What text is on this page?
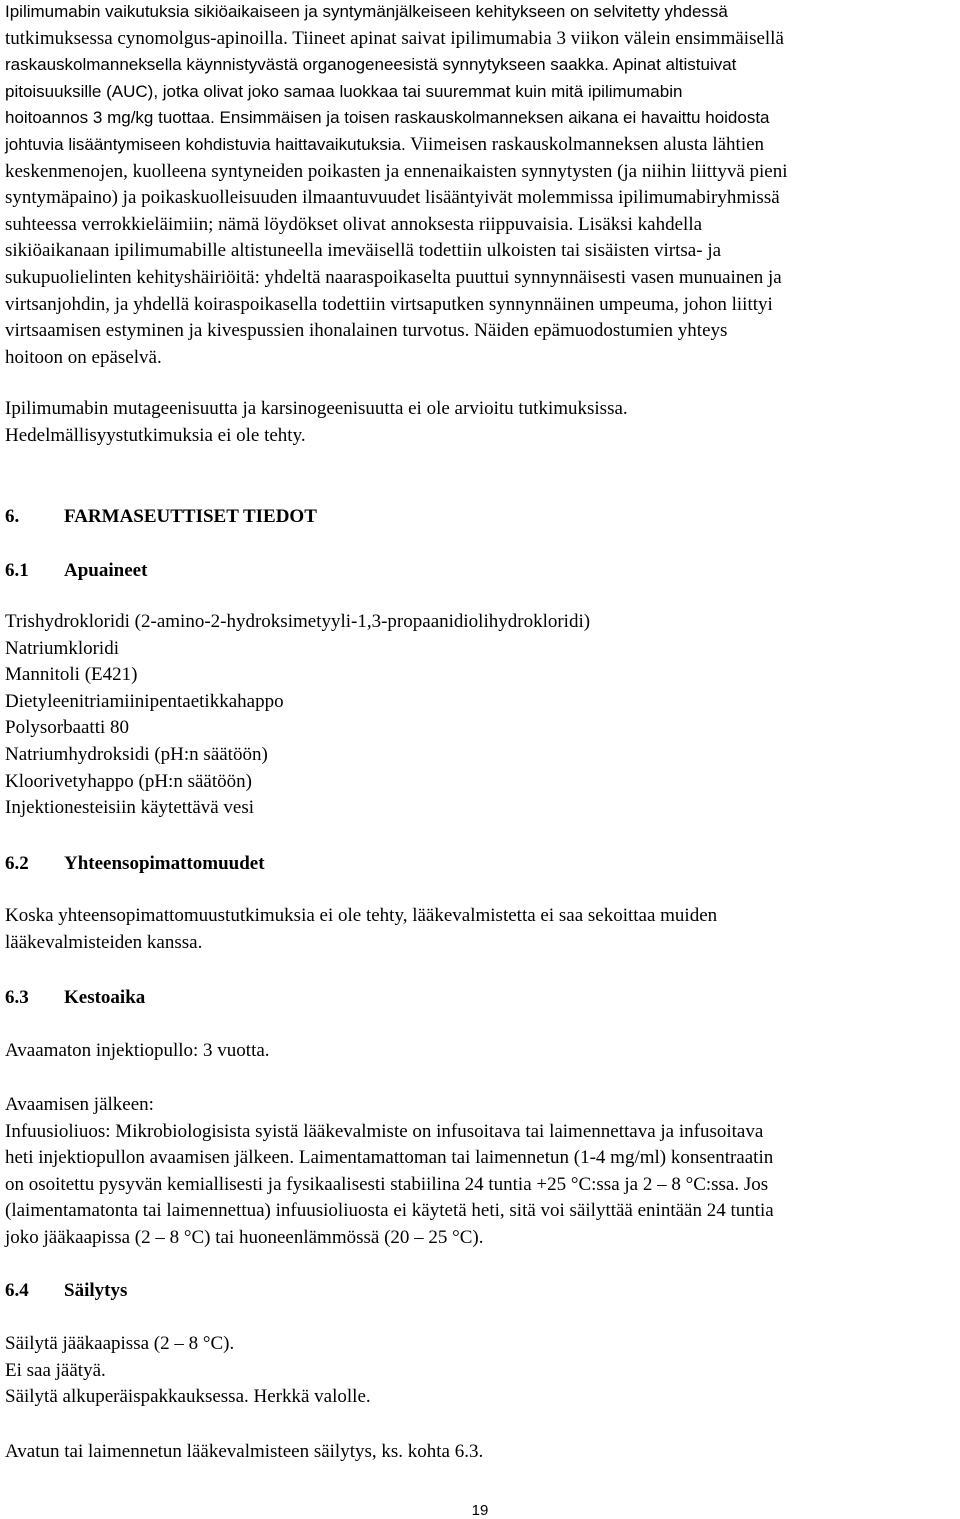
Ipilimumabin vaikutuksia sikiöaikaiseen ja syntymänjälkeiseen kehitykseen on selvitetty yhdessä
tutkimuksessa cynomolgus-apinoilla. Tiineet apinat saivat ipilimumabia 3 viikon välein ensimmäisellä
raskauskolmanneksella käynnistyvästä organogeneesistä synnytykseen saakka. Apinat altistuivat
pitoisuuksille (AUC), jotka olivat joko samaa luokkaa tai suuremmat kuin mitä ipilimumabin
hoitoannos 3 mg/kg tuottaa. Ensimmäisen ja toisen raskauskolmanneksen aikana ei havaittu hoidosta
johtuvia lisääntymiseen kohdistuvia haittavaikutuksia. Viimeisen raskauskolmanneksen alusta lähtien
keskenmenojen, kuolleena syntyneiden poikasten ja ennenaikaisten synnytysten (ja niihin liittyvä pieni
syntymäpaino) ja poikaskuolleisuuden ilmaantuvuudet lisääntyivät molemmissa ipilimumabiryhmissä
suhteessa verrokkieläimiin; nämä löydökset olivat annoksesta riippuvaisia. Lisäksi kahdella
sikiöaikanaan ipilimumabille altistuneella imeväisellä todettiin ulkoisten tai sisäisten virtsa- ja
sukupuolielinten kehityshäiriöitä: yhdeltä naaraspoikaselta puuttui synnynnäisesti vasen munuainen ja
virtsanjohdin, ja yhdellä koiraspoikasella todettiin virtsaputken synnynnäinen umpeuma, johon liittyi
virtsaamisen estyminen ja kivespussien ihonalainen turvotus. Näiden epämuodostumien yhteys
hoitoon on epäselvä.

Ipilimumabin mutageenisuutta ja karsinogeenisuutta ei ole arvioitu tutkimuksissa.
Hedelmällisyystutkimuksia ei ole tehty.

6. FARMASEUTTISET TIEDOT

6.1 Apuaineet

Trishydrokloridi (2-amino-2-hydroksimetyyli-1,3-propaanidiolihydrokloridi)
Natriumkloridi
Mannitoli (E421)
Dietyleenitriamiinipentaetikkahappo
Polysorbaatti 80
Natriumhydroksidi (pH:n säätöön)
Kloorivetyhappo (pH:n säätöön)
Injektionesteisiin käytettävä vesi

6.2 Yhteensopimattomuudet

Koska yhteensopimattomuustutkimuksia ei ole tehty, lääkevalmistetta ei saa sekoittaa muiden
lääkevalmisteiden kanssa.

6.3 Kestoaika

Avaamaton injektiopullo: 3 vuotta.

Avaamisen jälkeen:
Infuusioliuos: Mikrobiologisista syistä lääkevalmiste on infusoitava tai laimennettava ja infusoitava
heti injektiopullon avaamisen jälkeen. Laimentamattoman tai laimennetun (1-4 mg/ml) konsentraatin
on osoitettu pysyvän kemiallisesti ja fysikaalisesti stabiilina 24 tuntia +25 °C:ssa ja 2 – 8 °C:ssa. Jos
(laimentamatonta tai laimennettua) infuusioliuosta ei käytetä heti, sitä voi säilyttää enintään 24 tuntia
joko jääkaapissa (2 – 8 °C) tai huoneenlämmössä (20 – 25 °C).

6.4 Säilytys

Säilytä jääkaapissa (2 – 8 °C).
Ei saa jäätyä.
Säilytä alkuperäispakkauksessa. Herkkä valolle.

Avatun tai laimennetun lääkevalmisteen säilytys, ks. kohta 6.3.

19
